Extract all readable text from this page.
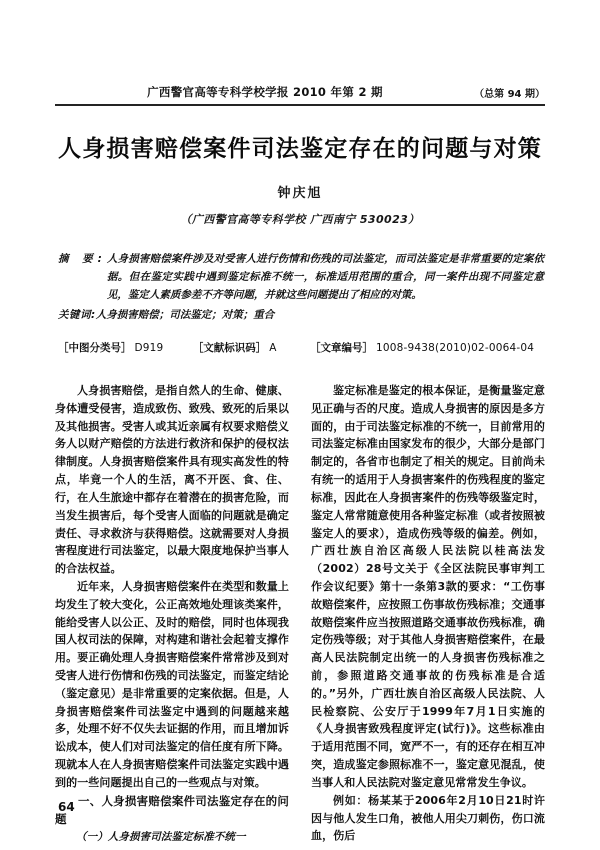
广西警官高等专科学校学报 2010 年第 2 期	（总第 94 期）
人身损害赔偿案件司法鉴定存在的问题与对策
钟庆旭
（广西警官高等专科学校 广西南宁 530023）
摘 要: 人身损害赔偿案件涉及对受害人进行伤情和伤残的司法鉴定，而司法鉴定是非常重要的定案依据。但在鉴定实践中遇到鉴定标准不统一，标准适用范围的重合，同一案件出现不同鉴定意见，鉴定人素质参差不齐等问题，并就这些问题提出了相应的对策。
关键词: 人身损害赔偿；司法鉴定；对策；重合
［中图分类号］ D919	［文献标识码］ A	［文章编号］ 1008-9438(2010)02-0064-04

人身损害赔偿，是指自然人的生命、健康、身体遭受侵害，造成致伤、致残、致死的后果以及其他损害。受害人或其近亲属有权要求赔偿义务人以财产赔偿的方法进行救济和保护的侵权法律制度。人身损害赔偿案件具有现实高发性的特点，毕竟一个人的生活，离不开医、食、住、行，在人生旅途中都存在着潜在的损害危险，而当发生损害后，每个受害人面临的问题就是确定责任、寻求救济与获得赔偿。这就需要对人身损害程度进行司法鉴定，以最大限度地保护当事人的合法权益。

近年来，人身损害赔偿案件在类型和数量上均发生了较大变化，公正高效地处理该类案件，能给受害人以公正、及时的赔偿，同时也体现我国人权司法的保障，对构建和谐社会起着支撑作用。要正确处理人身损害赔偿案件常常涉及到对受害人进行伤情和伤残的司法鉴定，而鉴定结论（鉴定意见）是非常重要的定案依据。但是，人身损害赔偿案件司法鉴定中遇到的问题越来越多，处理不好不仅失去证据的作用，而且增加诉讼成本，使人们对司法鉴定的信任度有所下降。现就本人在人身损害赔偿案件司法鉴定实践中遇到的一些问题提出自己的一些观点与对策。

一、人身损害赔偿案件司法鉴定存在的问题

（一）人身损害司法鉴定标准不统一

鉴定标准是鉴定的根本保证，是衡量鉴定意见正确与否的尺度。造成人身损害的原因是多方面的，由于司法鉴定标准的不统一，目前常用的司法鉴定标准由国家发布的很少，大部分是部门制定的，各省市也制定了相关的规定。目前尚未有统一的适用于人身损害案件的伤残程度的鉴定标准，因此在人身损害案件的伤残等级鉴定时，鉴定人常常随意使用各种鉴定标准（或者按照被鉴定人的要求），造成伤残等级的偏差。例如，广西壮族自治区高级人民法院以桂高法发（2002）28号文关于《全区法院民事审判工作会议纪要》第十一条第3款的要求：“工伤事故赔偿案件，应按照工伤事故伤残标准；交通事故赔偿案件应当按照道路交通事故伤残标准，确定伤残等级；对于其他人身损害赔偿案件，在最高人民法院制定出统一的人身损害伤残标准之前，参照道路交通事故的伤残标准是合适的。”另外，广西壮族自治区高级人民法院、人民检察院、公安厅于1999年7月1日实施的《人身损害致残程度评定(试行)》。这些标准由于适用范围不同，宽严不一，有的还存在相互冲突，造成鉴定参照标准不一，鉴定意见混乱，使当事人和人民法院对鉴定意见常常发生争议。

例如：杨某某于2006年2月10日21时许因与他人发生口角，被他人用尖刀刺伤，伤口流血，伤后

64
